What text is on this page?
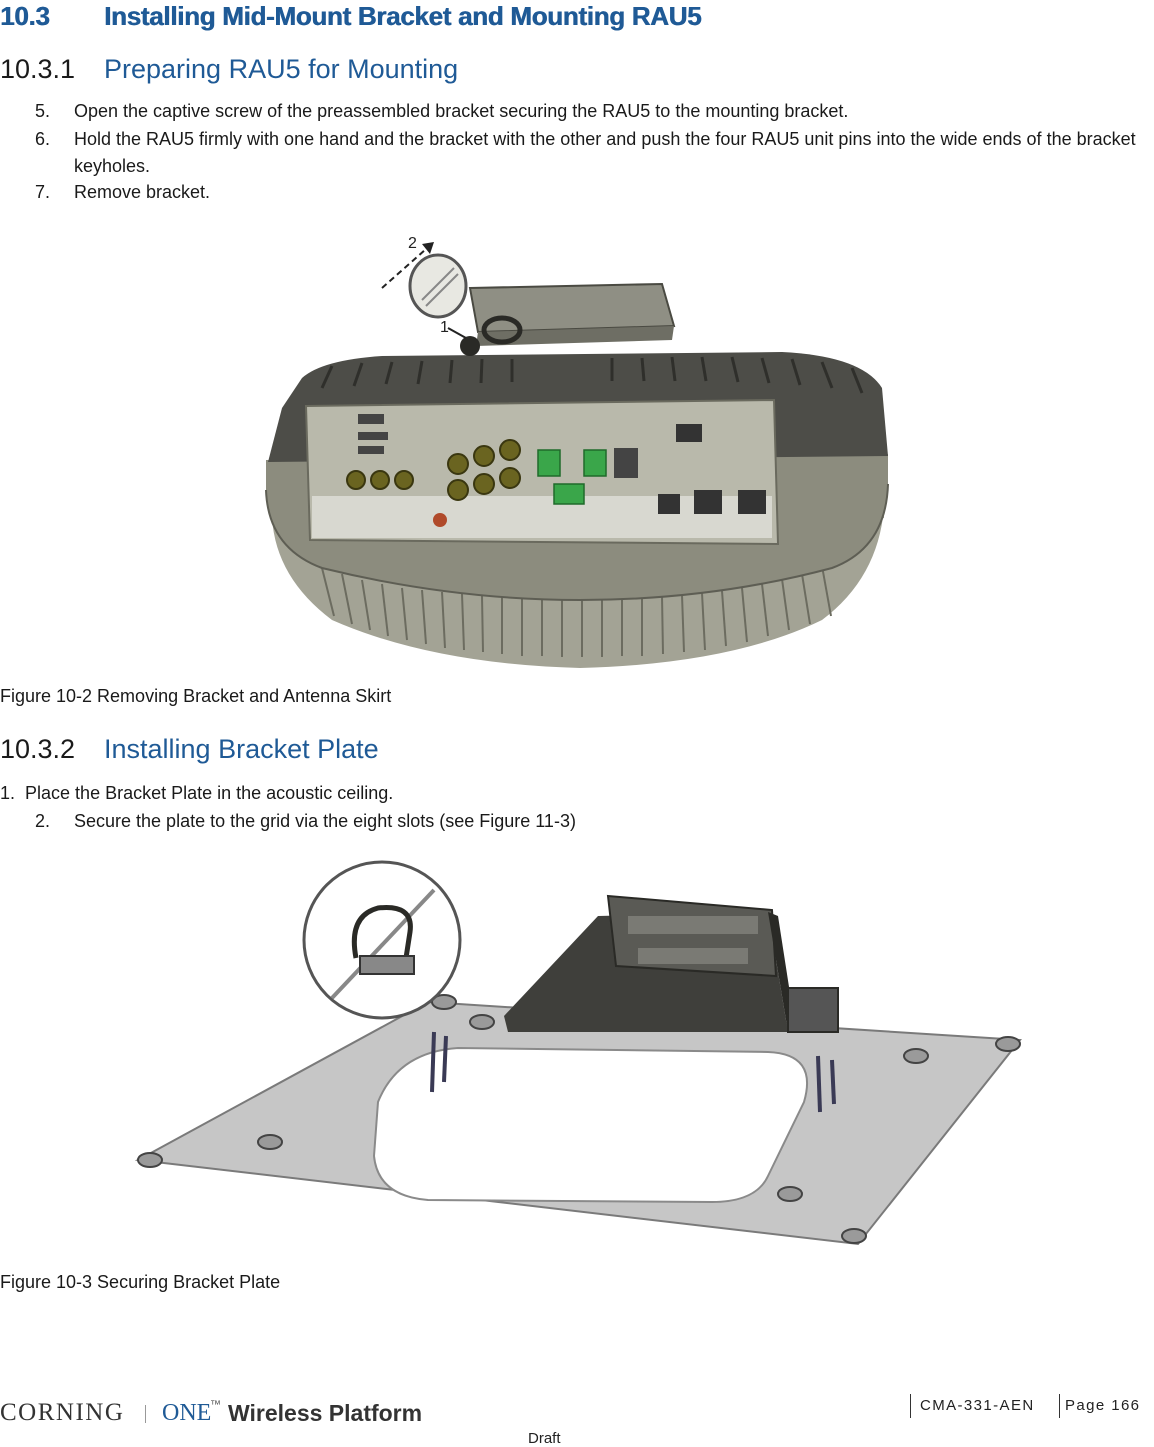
10.3 Installing Mid-Mount Bracket and Mounting RAU5
10.3.1 Preparing RAU5 for Mounting
5. Open the captive screw of the preassembled bracket securing the RAU5 to the mounting bracket.
6. Hold the RAU5 firmly with one hand and the bracket with the other and push the four RAU5 unit pins into the wide ends of the bracket keyholes.
7. Remove bracket.
2
1
Figure 10-2 Removing Bracket and Antenna Skirt
10.3.2 Installing Bracket Plate
1. Place the Bracket Plate in the acoustic ceiling.
2. Secure the plate to the grid via the eight slots (see Figure 11-3)
Figure 10-3 Securing Bracket Plate
CORNING ONE
™ Wireless Platform	CMA-331-AEN Page 166
Draft
